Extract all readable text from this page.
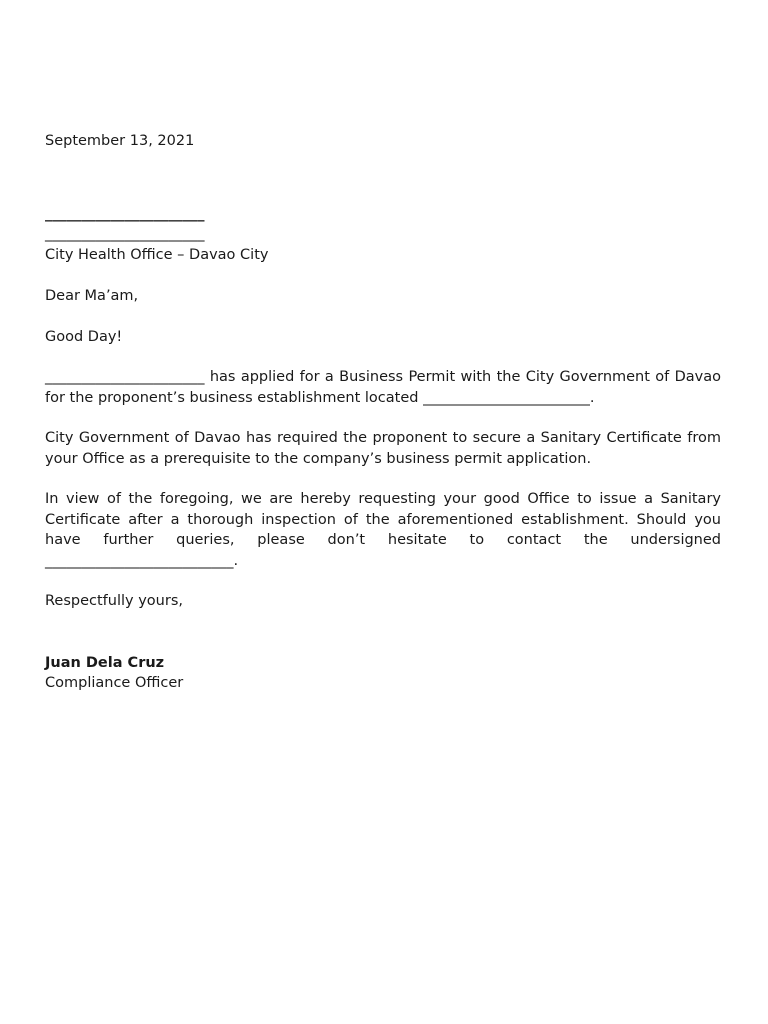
September 13, 2021

______________________

______________________

City Health Office – Davao City

Dear Ma’am,

Good Day!

______________________ has applied for a Business Permit with the City Government of Davao for the proponent’s business establishment located _______________________.

City Government of Davao has required the proponent to secure a Sanitary Certificate from your Office as a prerequisite to the company’s business permit application.

In view of the foregoing, we are hereby requesting your good Office to issue a Sanitary Certificate after a thorough inspection of the aforementioned establishment. Should you have further queries, please don’t hesitate to contact the undersigned __________________________.

Respectfully yours,

Juan Dela Cruz

Compliance Officer
